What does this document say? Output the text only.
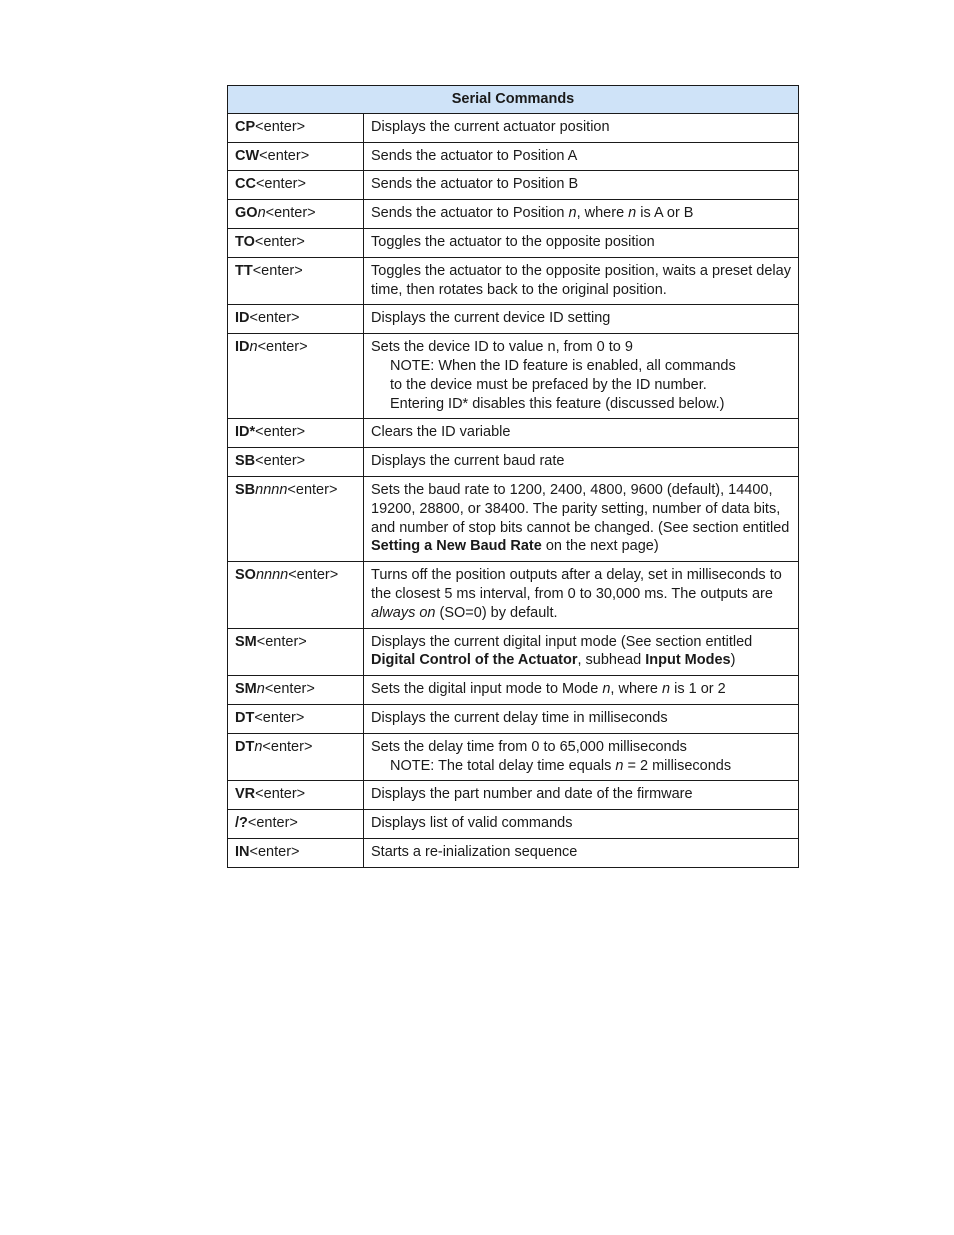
Serial Commands	
CP<enter>	Displays the current actuator position
CW<enter>	Sends the actuator to Position A
CC<enter>	Sends the actuator to Position B
GOn<enter>	Sends the actuator to Position n, where n is A or B
TO<enter>	Toggles the actuator to the opposite position
TT<enter>	Toggles the actuator to the opposite position, waits a preset delay time, then rotates back to the original position.
ID<enter>	Displays the current device ID setting
IDn<enter>	Sets the device ID to value n, from 0 to 9
NOTE: When the ID feature is enabled, all commands
to the device must be prefaced by the ID number.
Entering ID* disables this feature (discussed below.)

ID*<enter>	Clears the ID variable
SB<enter>	Displays the current baud rate
SBnnnn<enter>	Sets the baud rate to 1200, 2400, 4800, 9600 (default), 14400, 19200, 28800, or 38400. The parity setting, number of data bits, and number of stop bits cannot be changed. (See section entitled Setting a New Baud Rate on the next page)
SOnnnn<enter>	Turns off the position outputs after a delay, set in milliseconds to the closest 5 ms interval, from 0 to 30,000 ms. The outputs are always on (SO=0) by default.
SM<enter>	Displays the current digital input mode (See section entitled Digital Control of the Actuator, subhead Input Modes)
SMn<enter>	Sets the digital input mode to Mode n, where n is 1 or 2
DT<enter>	Displays the current delay time in milliseconds
DTn<enter>	Sets the delay time from 0 to 65,000 milliseconds
NOTE: The total delay time equals n = 2 milliseconds

VR<enter>	Displays the part number and date of the firmware
/?<enter>	Displays list of valid commands
IN<enter>	Starts a re-inialization sequence
